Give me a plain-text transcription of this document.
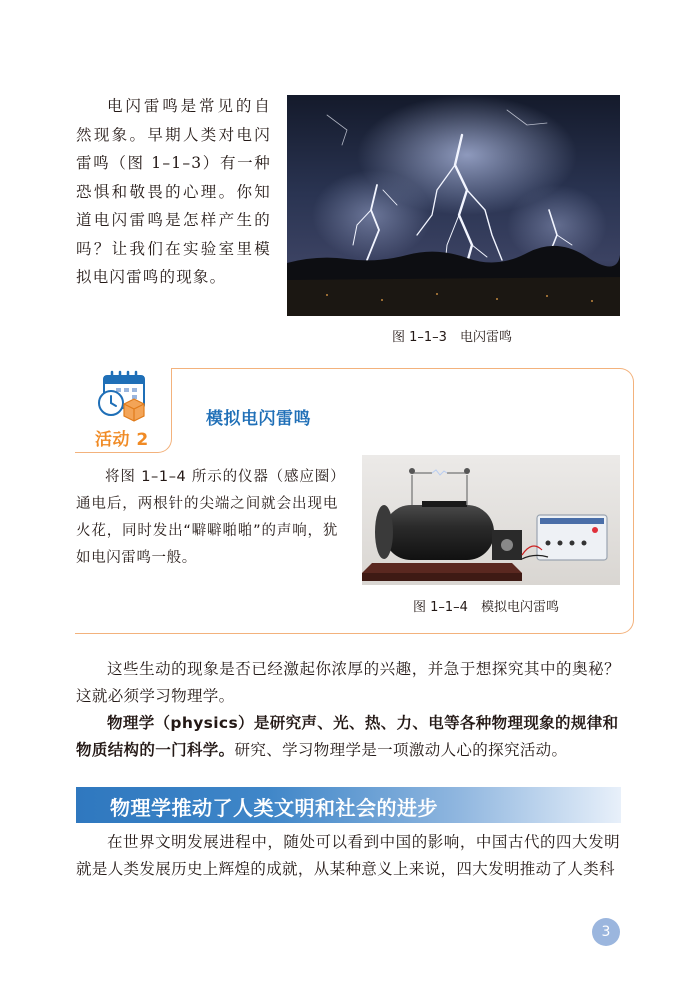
电闪雷鸣是常见的自然现象。早期人类对电闪雷鸣（图 1–1–3）有一种恐惧和敬畏的心理。你知道电闪雷鸣是怎样产生的吗？让我们在实验室里模拟电闪雷鸣的现象。
图 1–1–3　电闪雷鸣
活动 2
模拟电闪雷鸣
将图 1–1–4 所示的仪器（感应圈）通电后，两根针的尖端之间就会出现电火花，同时发出“噼噼啪啪”的声响，犹如电闪雷鸣一般。
图 1–1–4　模拟电闪雷鸣
这些生动的现象是否已经激起你浓厚的兴趣，并急于想探究其中的奥秘？这就必须学习物理学。
物理学（physics）是研究声、光、热、力、电等各种物理现象的规律和物质结构的一门科学。研究、学习物理学是一项激动人心的探究活动。
物理学推动了人类文明和社会的进步
在世界文明发展进程中，随处可以看到中国的影响，中国古代的四大发明就是人类发展历史上辉煌的成就，从某种意义上来说，四大发明推动了人类科
3
